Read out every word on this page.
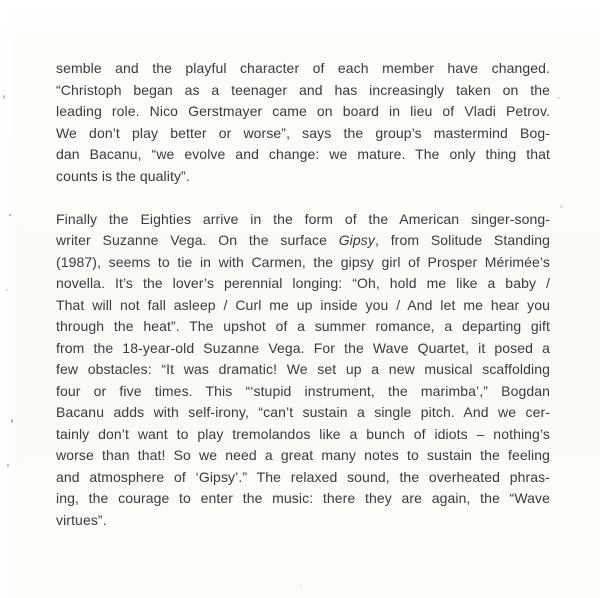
semble and the playful character of each member have changed.
“Christoph began as a teenager and has increasingly taken on the
leading role. Nico Gerstmayer came on board in lieu of Vladi Petrov.
We don’t play better or worse”, says the group’s mastermind Bog-
dan Bacanu, “we evolve and change: we mature. The only thing that
counts is the quality”.
Finally the Eighties arrive in the form of the American singer-song-
writer Suzanne Vega. On the surface Gipsy, from Solitude Standing
(1987), seems to tie in with Carmen, the gipsy girl of Prosper Mérimée’s
novella. It’s the lover’s perennial longing: “Oh, hold me like a baby /
That will not fall asleep / Curl me up inside you / And let me hear you
through the heat”. The upshot of a summer romance, a departing gift
from the 18-year-old Suzanne Vega. For the Wave Quartet, it posed a
few obstacles: “It was dramatic! We set up a new musical scaffolding
four or five times. This “‘stupid instrument, the marimba’,” Bogdan
Bacanu adds with self-irony, “can’t sustain a single pitch. And we cer-
tainly don’t want to play tremolandos like a bunch of idiots – nothing’s
worse than that! So we need a great many notes to sustain the feeling
and atmosphere of ‘Gipsy’.” The relaxed sound, the overheated phras-
ing, the courage to enter the music: there they are again, the “Wave
virtues”.
